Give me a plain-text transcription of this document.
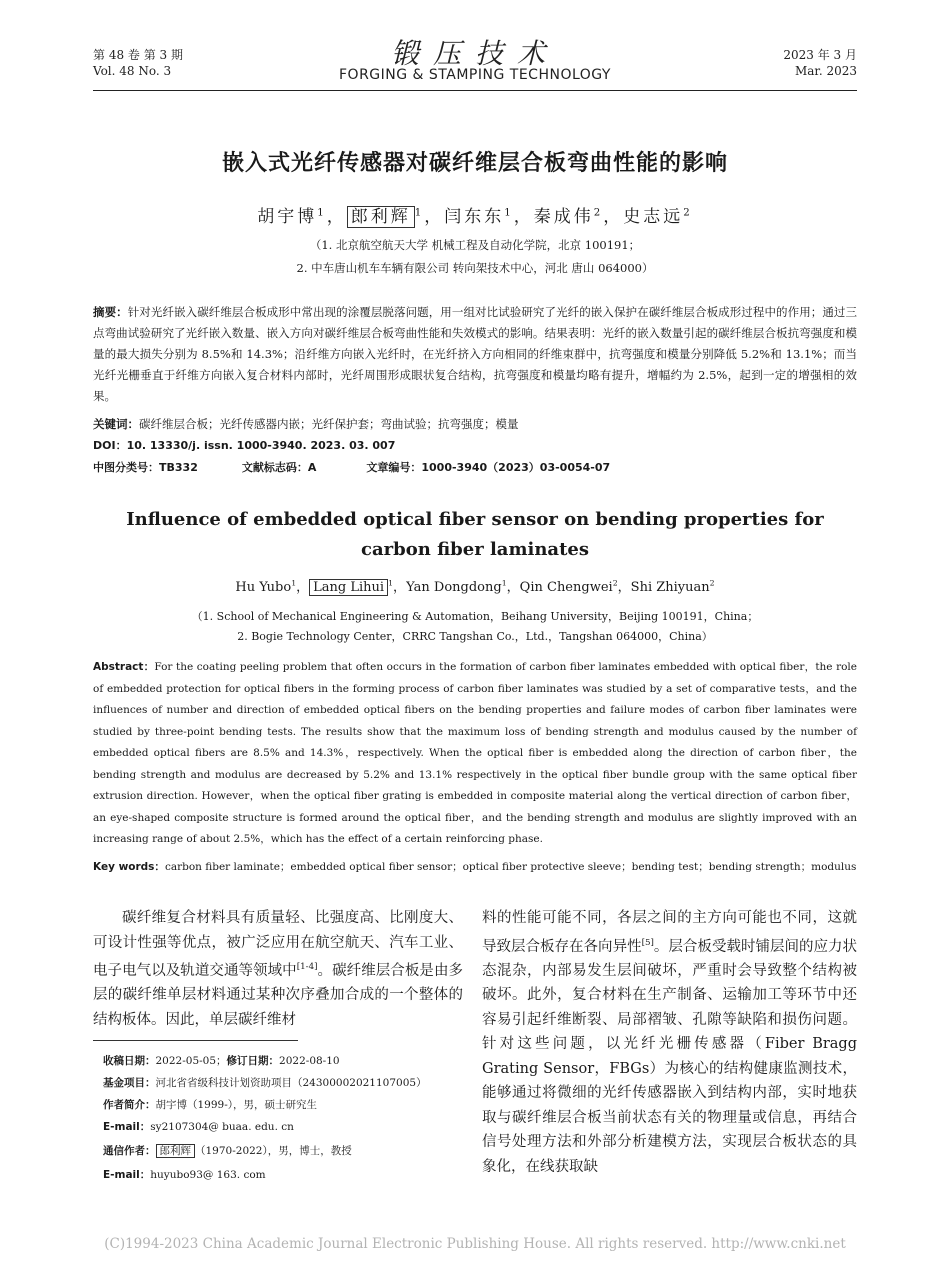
第 48 卷 第 3 期
Vol. 48 No. 3
锻压技术
FORGING & STAMPING TECHNOLOGY
2023 年 3 月
Mar. 2023
嵌入式光纤传感器对碳纤维层合板弯曲性能的影响
胡宇博$^1$， 郎利辉 $^1$，闫东东$^1$，秦成伟$^2$，史志远$^2$
（1. 北京航空航天大学 机械工程及自动化学院，北京 100191；
2. 中车唐山机车车辆有限公司 转向架技术中心，河北 唐山 064000）
摘要：针对光纤嵌入碳纤维层合板成形中常出现的涂覆层脱落问题，用一组对比试验研究了光纤的嵌入保护在碳纤维层合板成形过程中的作用；通过三点弯曲试验研究了光纤嵌入数量、嵌入方向对碳纤维层合板弯曲性能和失效模式的影响。结果表明：光纤的嵌入数量引起的碳纤维层合板抗弯强度和模量的最大损失分别为 8.5%和 14.3%；沿纤维方向嵌入光纤时，在光纤挤入方向相同的纤维束群中，抗弯强度和模量分别降低 5.2%和 13.1%；而当光纤光栅垂直于纤维方向嵌入复合材料内部时，光纤周围形成眼状复合结构，抗弯强度和模量均略有提升，增幅约为 2.5%，起到一定的增强相的效果。
关键词：碳纤维层合板；光纤传感器内嵌；光纤保护套；弯曲试验；抗弯强度；模量
DOI：10. 13330/j. issn. 1000-3940. 2023. 03. 007
中图分类号：TB332	文献标志码：A	文章编号：1000-3940（2023）03-0054-07
Influence of embedded optical fiber sensor on bending properties for
carbon fiber laminates
Hu Yubo$^1$， Lang Lihui $^1$，Yan Dongdong$^1$，Qin Chengwei$^2$，Shi Zhiyuan$^2$
（1. School of Mechanical Engineering & Automation，Beihang University，Beijing 100191，China；
2. Bogie Technology Center，CRRC Tangshan Co.，Ltd.，Tangshan 064000，China）
Abstract：For the coating peeling problem that often occurs in the formation of carbon fiber laminates embedded with optical fiber，the role of embedded protection for optical fibers in the forming process of carbon fiber laminates was studied by a set of comparative tests，and the influences of number and direction of embedded optical fibers on the bending properties and failure modes of carbon fiber laminates were studied by three-point bending tests. The results show that the maximum loss of bending strength and modulus caused by the number of embedded optical fibers are 8.5% and 14.3%，respectively. When the optical fiber is embedded along the direction of carbon fiber，the bending strength and modulus are decreased by 5.2% and 13.1% respectively in the optical fiber bundle group with the same optical fiber extrusion direction. However，when the optical fiber grating is embedded in composite material along the vertical direction of carbon fiber，an eye-shaped composite structure is formed around the optical fiber，and the bending strength and modulus are slightly improved with an increasing range of about 2.5%，which has the effect of a certain reinforcing phase.
Key words：carbon fiber laminate；embedded optical fiber sensor；optical fiber protective sleeve；bending test；bending strength；modulus
碳纤维复合材料具有质量轻、比强度高、比刚度大、可设计性强等优点，被广泛应用在航空航天、汽车工业、电子电气以及轨道交通等领域中[1-4]。碳纤维层合板是由多层的碳纤维单层材料通过某种次序叠加合成的一个整体的结构板体。因此，单层碳纤维材
料的性能可能不同，各层之间的主方向可能也不同，这就导致层合板存在各向异性[5]。层合板受载时铺层间的应力状态混杂，内部易发生层间破坏，严重时会导致整个结构被破坏。此外，复合材料在生产制备、运输加工等环节中还容易引起纤维断裂、局部褶皱、孔隙等缺陷和损伤问题。针对这些问题，以光纤光栅传感器（Fiber Bragg Grating Sensor，FBGs）为核心的结构健康监测技术，能够通过将微细的光纤传感器嵌入到结构内部，实时地获取与碳纤维层合板当前状态有关的物理量或信息，再结合信号处理方法和外部分析建模方法，实现层合板状态的具象化，在线获取缺
收稿日期：2022-05-05；修订日期：2022-08-10
基金项目：河北省省级科技计划资助项目（24300002021107005）
作者简介：胡宇博（1999-），男，硕士研究生
E-mail：sy2107304@ buaa. edu. cn
通信作者： 郎利辉 （1970-2022），男，博士，教授
E-mail：huyubo93@ 163. com
(C)1994-2023 China Academic Journal Electronic Publishing House. All rights reserved. http://www.cnki.net
